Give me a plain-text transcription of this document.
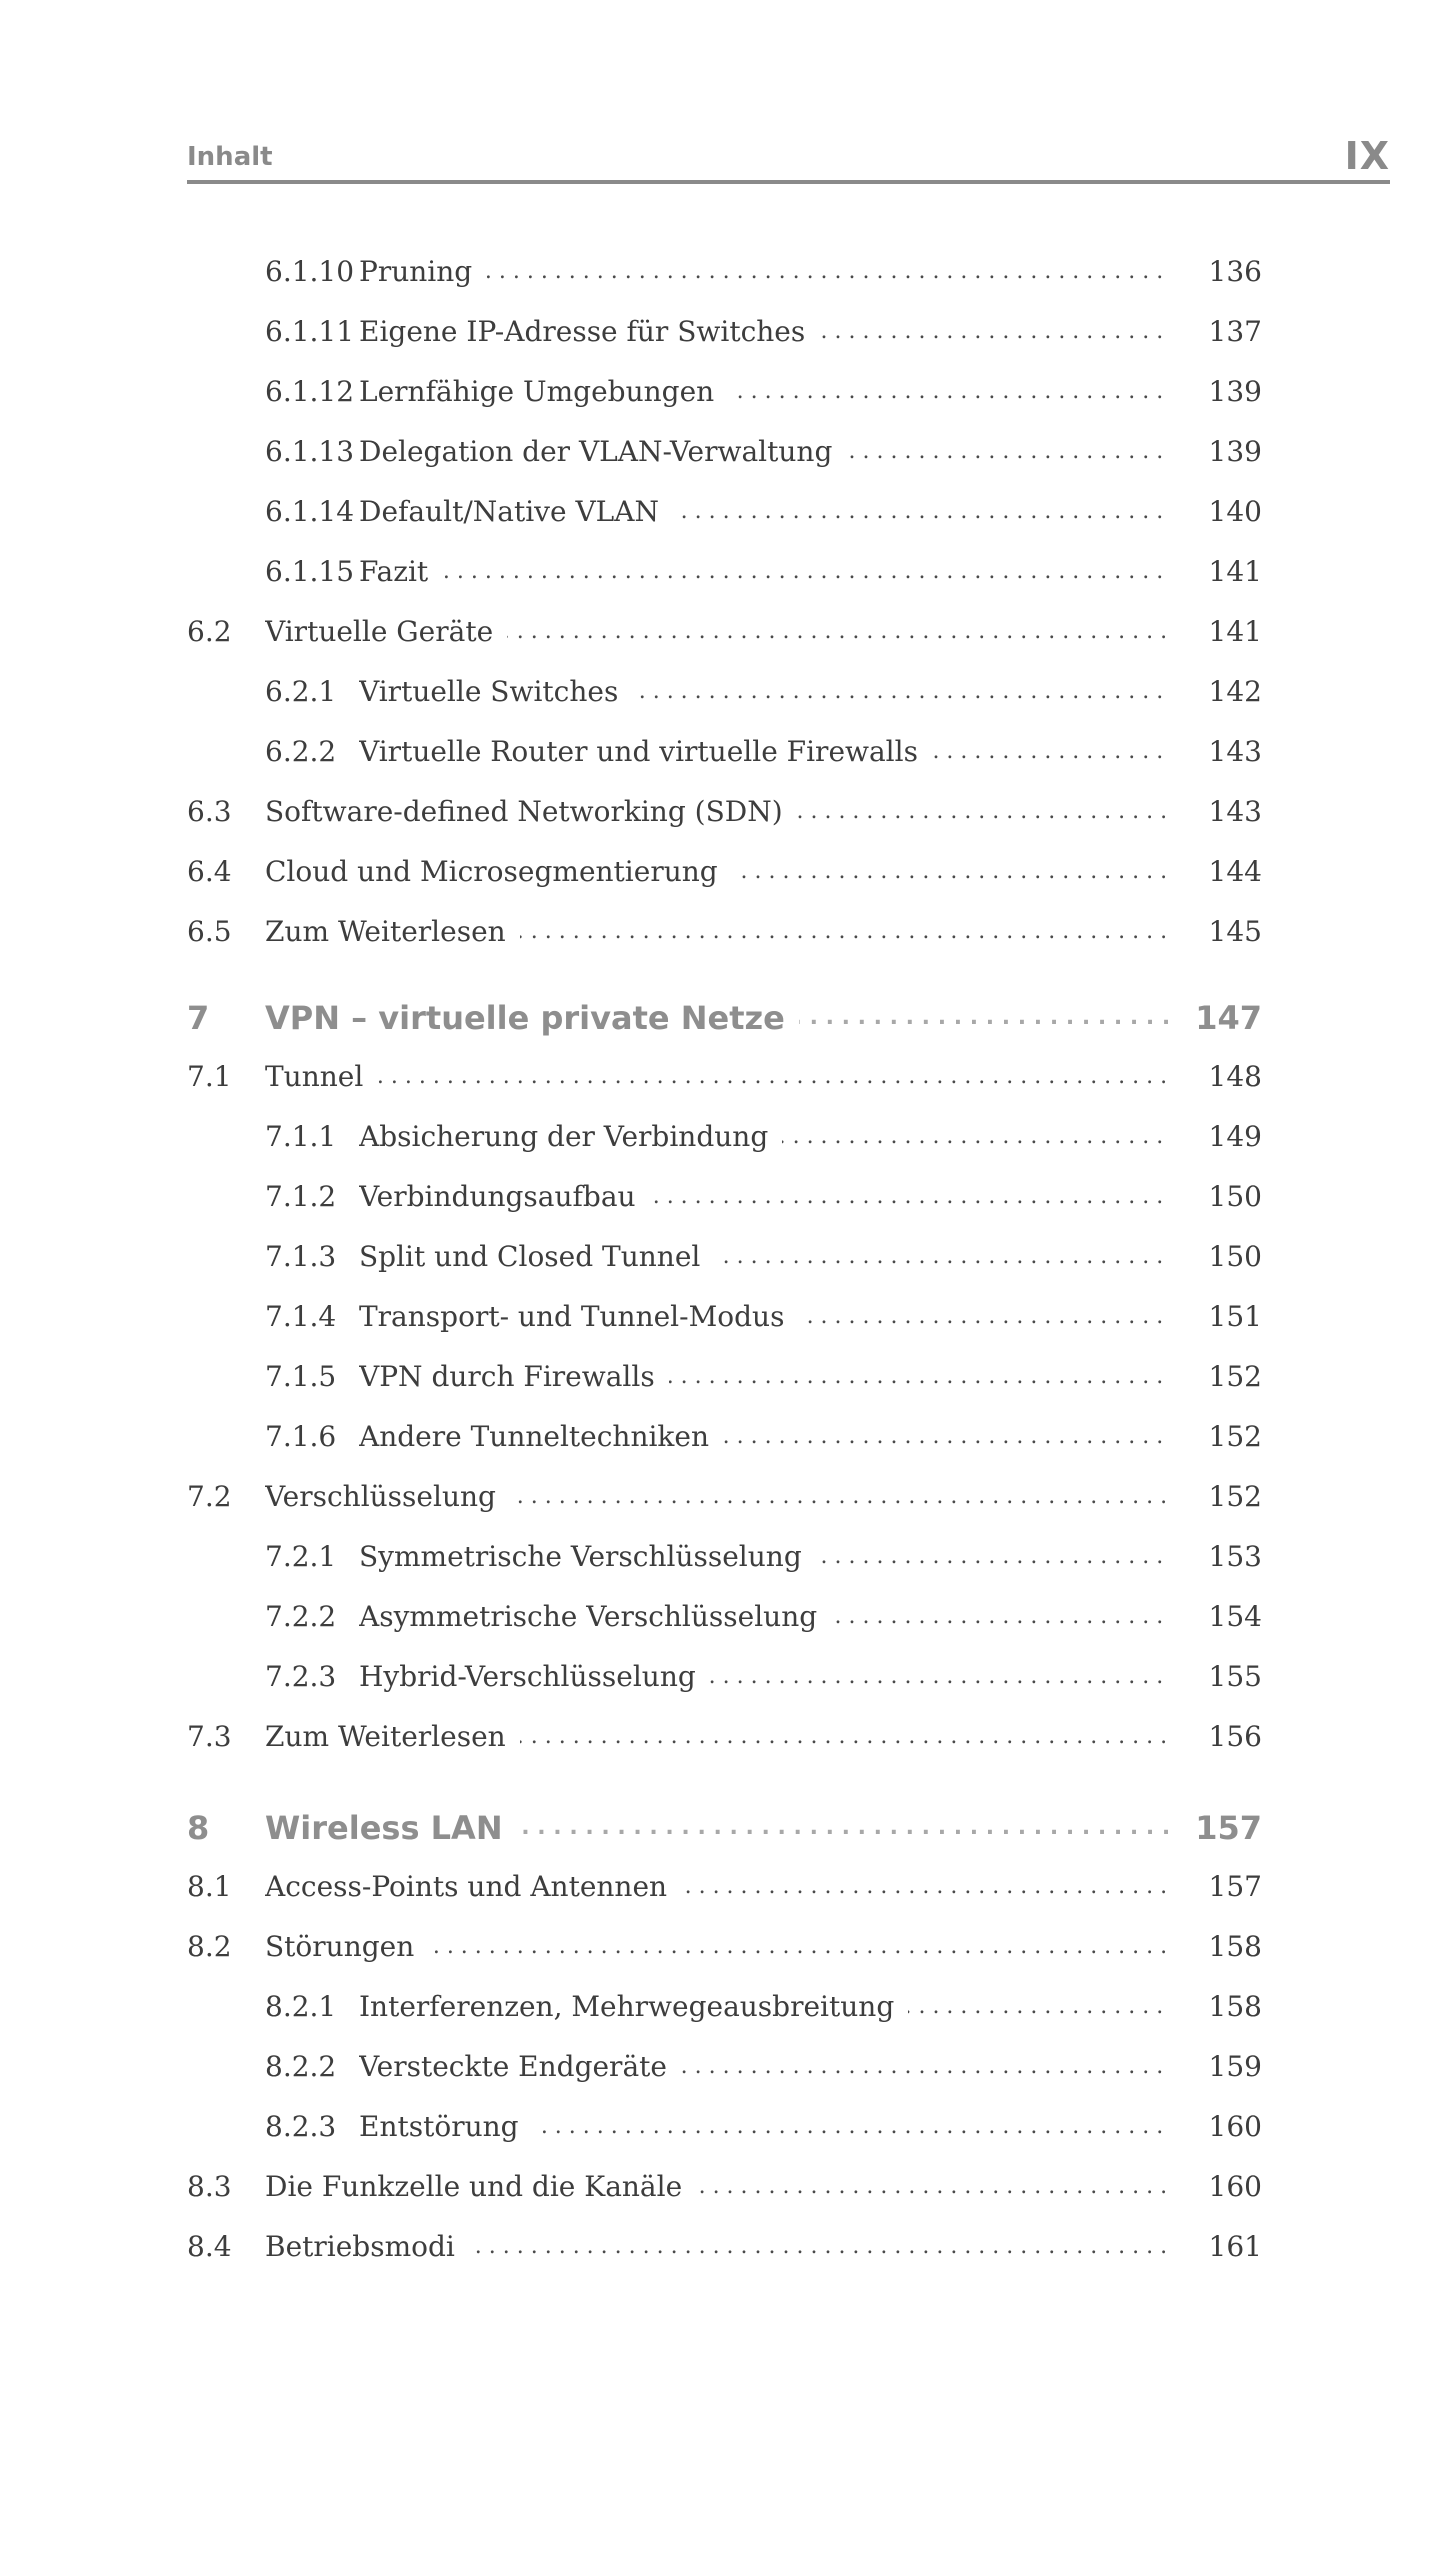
Inhalt	IX
6.1.10 Pruning . . .	136
6.1.11 Eigene IP-Adresse für Switches . . .	137
6.1.12 Lernfähige Umgebungen . . .	139
6.1.13 Delegation der VLAN-Verwaltung . . .	139
6.1.14 Default/Native VLAN . . .	140
6.1.15 Fazit . . .	141
6.2 Virtuelle Geräte . . .	141
6.2.1 Virtuelle Switches . . .	142
6.2.2 Virtuelle Router und virtuelle Firewalls . . .	143
6.3 Software-defined Networking (SDN) . . .	143
6.4 Cloud und Microsegmentierung . . .	144
6.5 Zum Weiterlesen . . .	145
7 VPN – virtuelle private Netze . . .	147
7.1 Tunnel . . .	148
7.1.1 Absicherung der Verbindung . . .	149
7.1.2 Verbindungsaufbau . . .	150
7.1.3 Split und Closed Tunnel . . .	150
7.1.4 Transport- und Tunnel-Modus . . .	151
7.1.5 VPN durch Firewalls . . .	152
7.1.6 Andere Tunneltechniken . . .	152
7.2 Verschlüsselung . . .	152
7.2.1 Symmetrische Verschlüsselung . . .	153
7.2.2 Asymmetrische Verschlüsselung . . .	154
7.2.3 Hybrid-Verschlüsselung . . .	155
7.3 Zum Weiterlesen . . .	156
8 Wireless LAN . . .	157
8.1 Access-Points und Antennen . . .	157
8.2 Störungen . . .	158
8.2.1 Interferenzen, Mehrwegeausbreitung . . .	158
8.2.2 Versteckte Endgeräte . . .	159
8.2.3 Entstörung . . .	160
8.3 Die Funkzelle und die Kanäle . . .	160
8.4 Betriebsmodi . . .	161
